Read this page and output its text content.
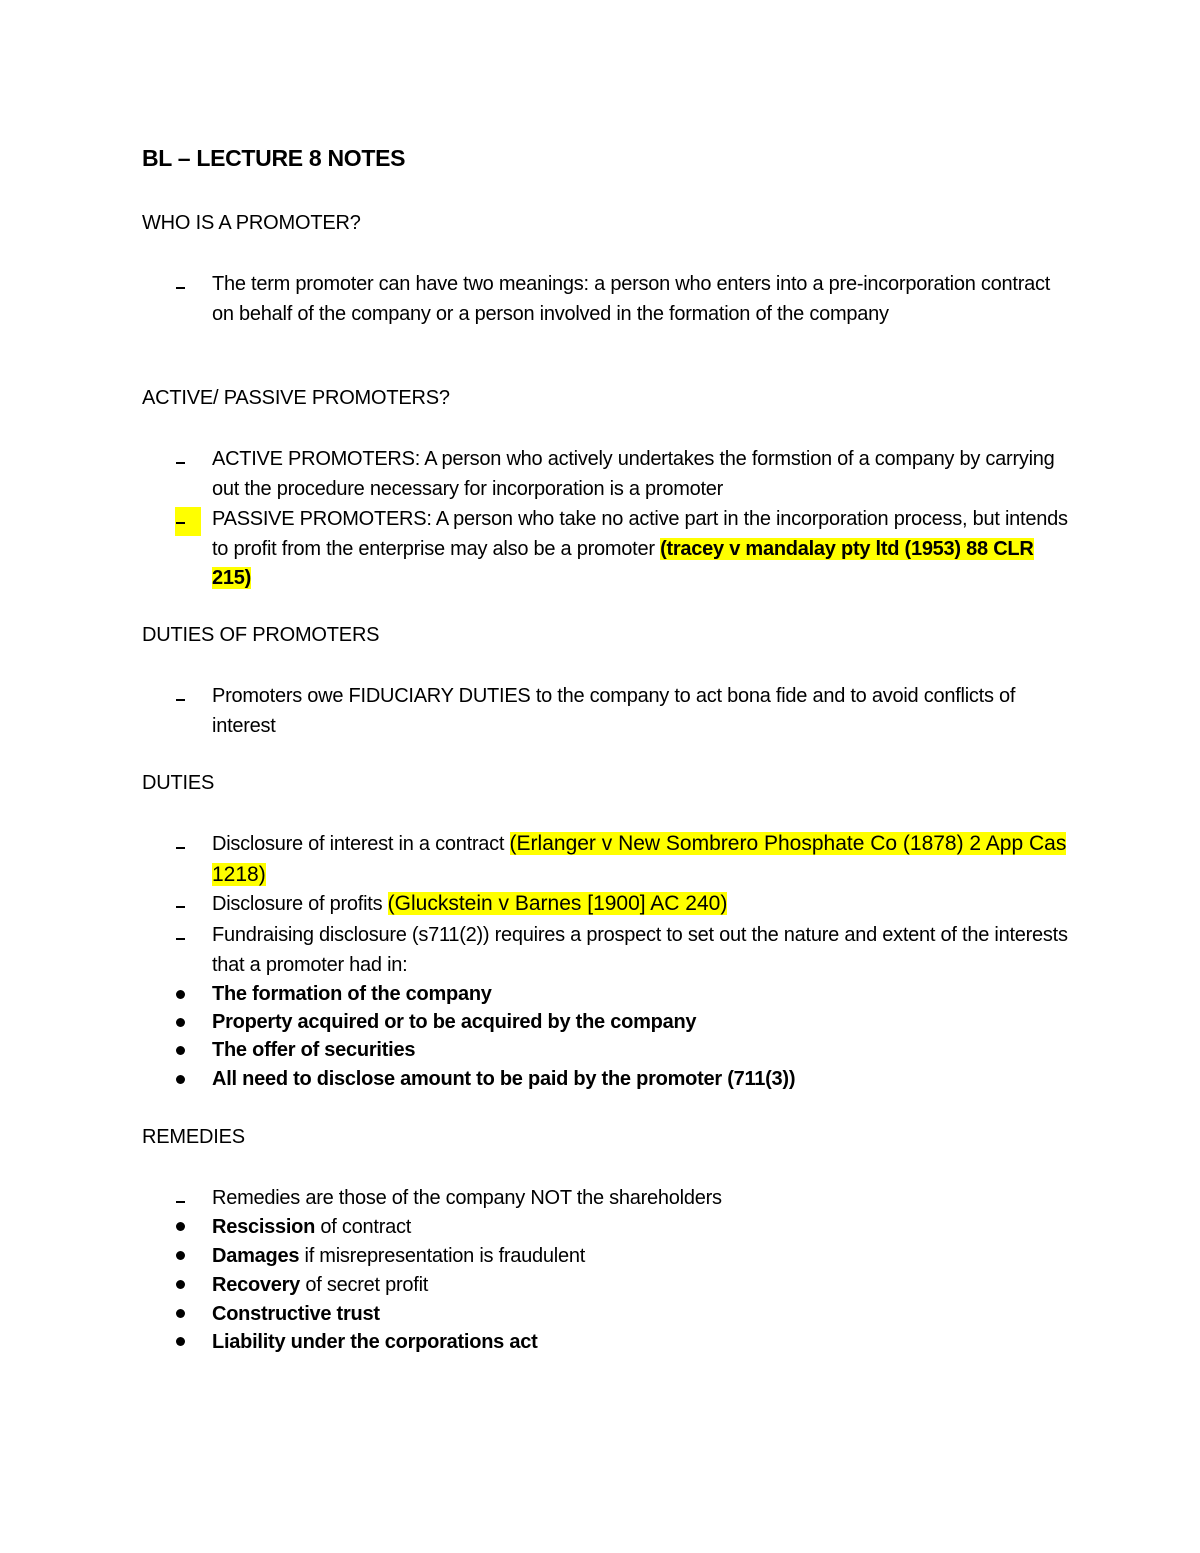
BL – LECTURE 8 NOTES
WHO IS A PROMOTER?
The term promoter can have two meanings: a person who enters into a pre-incorporation contract on behalf of the company or a person involved in the formation of the company
ACTIVE/ PASSIVE PROMOTERS?
ACTIVE PROMOTERS: A person who actively undertakes the formstion of a company by carrying out the procedure necessary for incorporation is a promoter
PASSIVE PROMOTERS: A person who take no active part in the incorporation process, but intends to profit from the enterprise may also be a promoter (tracey v mandalay pty ltd (1953) 88 CLR 215)
DUTIES OF PROMOTERS
Promoters owe FIDUCIARY DUTIES to the company to act bona fide and to avoid conflicts of interest
DUTIES
Disclosure of interest in a contract (Erlanger v New Sombrero Phosphate Co (1878) 2 App Cas 1218)
Disclosure of profits (Gluckstein v Barnes [1900] AC 240)
Fundraising disclosure (s711(2)) requires a prospect to set out the nature and extent of the interests that a promoter had in:
The formation of the company
Property acquired or to be acquired by the company
The offer of securities
All need to disclose amount to be paid by the promoter (711(3))
REMEDIES
Remedies are those of the company NOT the shareholders
Rescission of contract
Damages if misrepresentation is fraudulent
Recovery of secret profit
Constructive trust
Liability under the corporations act
